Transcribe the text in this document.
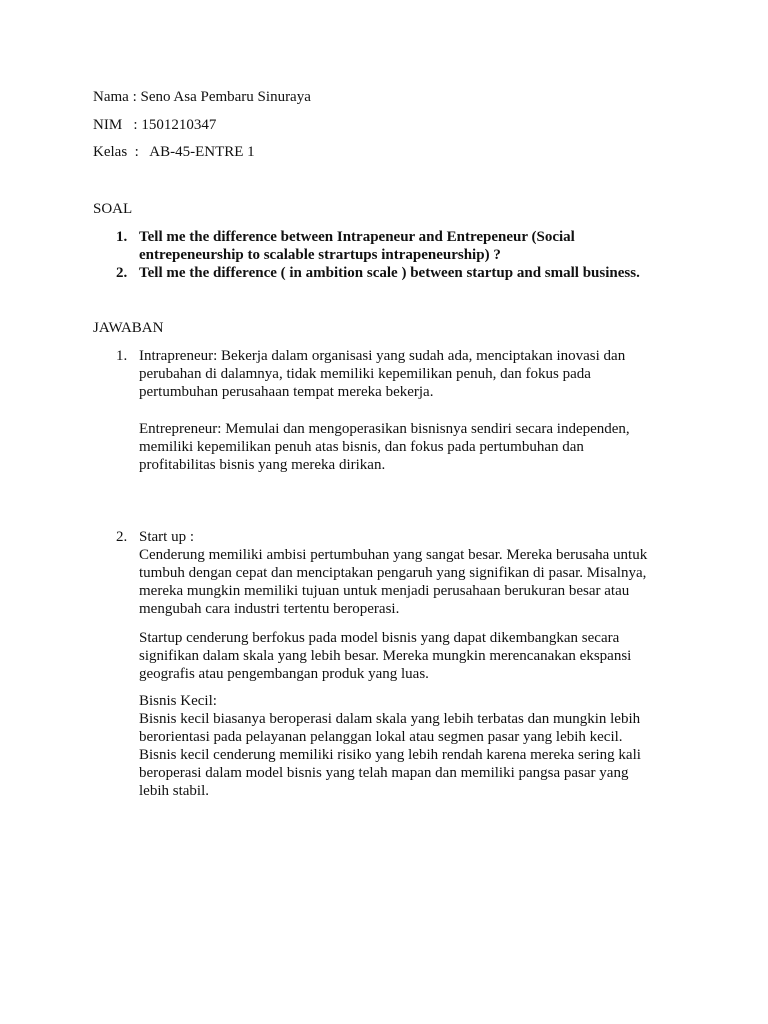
Nama : Seno Asa Pembaru Sinuraya
NIM   : 1501210347
Kelas  :   AB-45-ENTRE 1
SOAL
1. Tell me the difference between Intrapeneur and Entrepeneur (Social
entrepeneurship to scalable strartups intrapeneurship) ?
2. Tell me the difference ( in ambition scale ) between startup and small business.
JAWABAN
1. Intrapreneur: Bekerja dalam organisasi yang sudah ada, menciptakan inovasi dan
perubahan di dalamnya, tidak memiliki kepemilikan penuh, dan fokus pada
pertumbuhan perusahaan tempat mereka bekerja.
Entrepreneur: Memulai dan mengoperasikan bisnisnya sendiri secara independen,
memiliki kepemilikan penuh atas bisnis, dan fokus pada pertumbuhan dan
profitabilitas bisnis yang mereka dirikan.
2. Start up :
Cenderung memiliki ambisi pertumbuhan yang sangat besar. Mereka berusaha untuk
tumbuh dengan cepat dan menciptakan pengaruh yang signifikan di pasar. Misalnya,
mereka mungkin memiliki tujuan untuk menjadi perusahaan berukuran besar atau
mengubah cara industri tertentu beroperasi.
Startup cenderung berfokus pada model bisnis yang dapat dikembangkan secara
signifikan dalam skala yang lebih besar. Mereka mungkin merencanakan ekspansi
geografis atau pengembangan produk yang luas.
Bisnis Kecil:
Bisnis kecil biasanya beroperasi dalam skala yang lebih terbatas dan mungkin lebih
berorientasi pada pelayanan pelanggan lokal atau segmen pasar yang lebih kecil.
Bisnis kecil cenderung memiliki risiko yang lebih rendah karena mereka sering kali
beroperasi dalam model bisnis yang telah mapan dan memiliki pangsa pasar yang
lebih stabil.
